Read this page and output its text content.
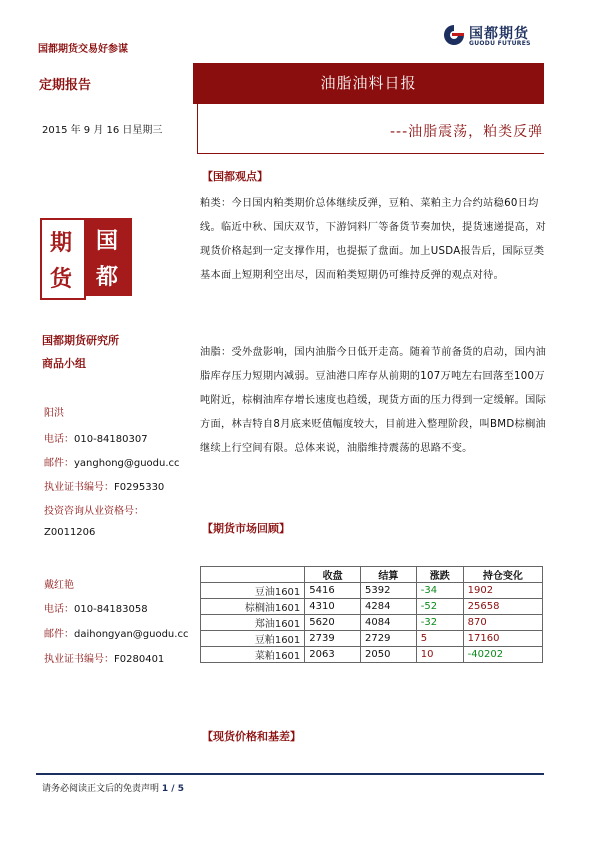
国都期货交易好参谋
国都期货
GUODU FUTURES
定期报告	油脂油料日报
2015 年 9 月 16 日星期三	---油脂震荡，粕类反弹
期
货
国
都
国都期货研究所
商品小组
阳洪
电话：010-84180307
邮件：yanghong@guodu.cc
执业证书编号：F0295330
投资咨询从业资格号：
Z0011206
戴红艳
电话：010-84183058
邮件：daihongyan@guodu.cc
执业证书编号：F0280401
【国都观点】
粕类：今日国内粕类期价总体继续反弹，豆粕、菜粕主力合约站稳60日均线。临近中秋、国庆双节，下游饲料厂等备货节奏加快，提货速递提高，对现货价格起到一定支撑作用，也提振了盘面。加上USDA报告后，国际豆类基本面上短期利空出尽，因而粕类短期仍可维持反弹的观点对待。
油脂：受外盘影响，国内油脂今日低开走高。随着节前备货的启动，国内油脂库存压力短期内减弱。豆油港口库存从前期的107万吨左右回落至100万吨附近，棕榈油库存增长速度也趋缓，现货方面的压力得到一定缓解。国际方面，林吉特自8月底来贬值幅度较大，目前进入整理阶段，叫BMD棕榈油继续上行空间有限。总体来说，油脂维持震荡的思路不变。
【期货市场回顾】
	收盘	结算	涨跌	持仓变化
豆油1601	5416	5392	-34	1902
棕榈油1601	4310	4284	-52	25658
郑油1601	5620	4084	-32	870
豆粕1601	2739	2729	5	17160
菜粕1601	2063	2050	10	-40202
【现货价格和基差】
请务必阅读正文后的免责声明 1 / 5
